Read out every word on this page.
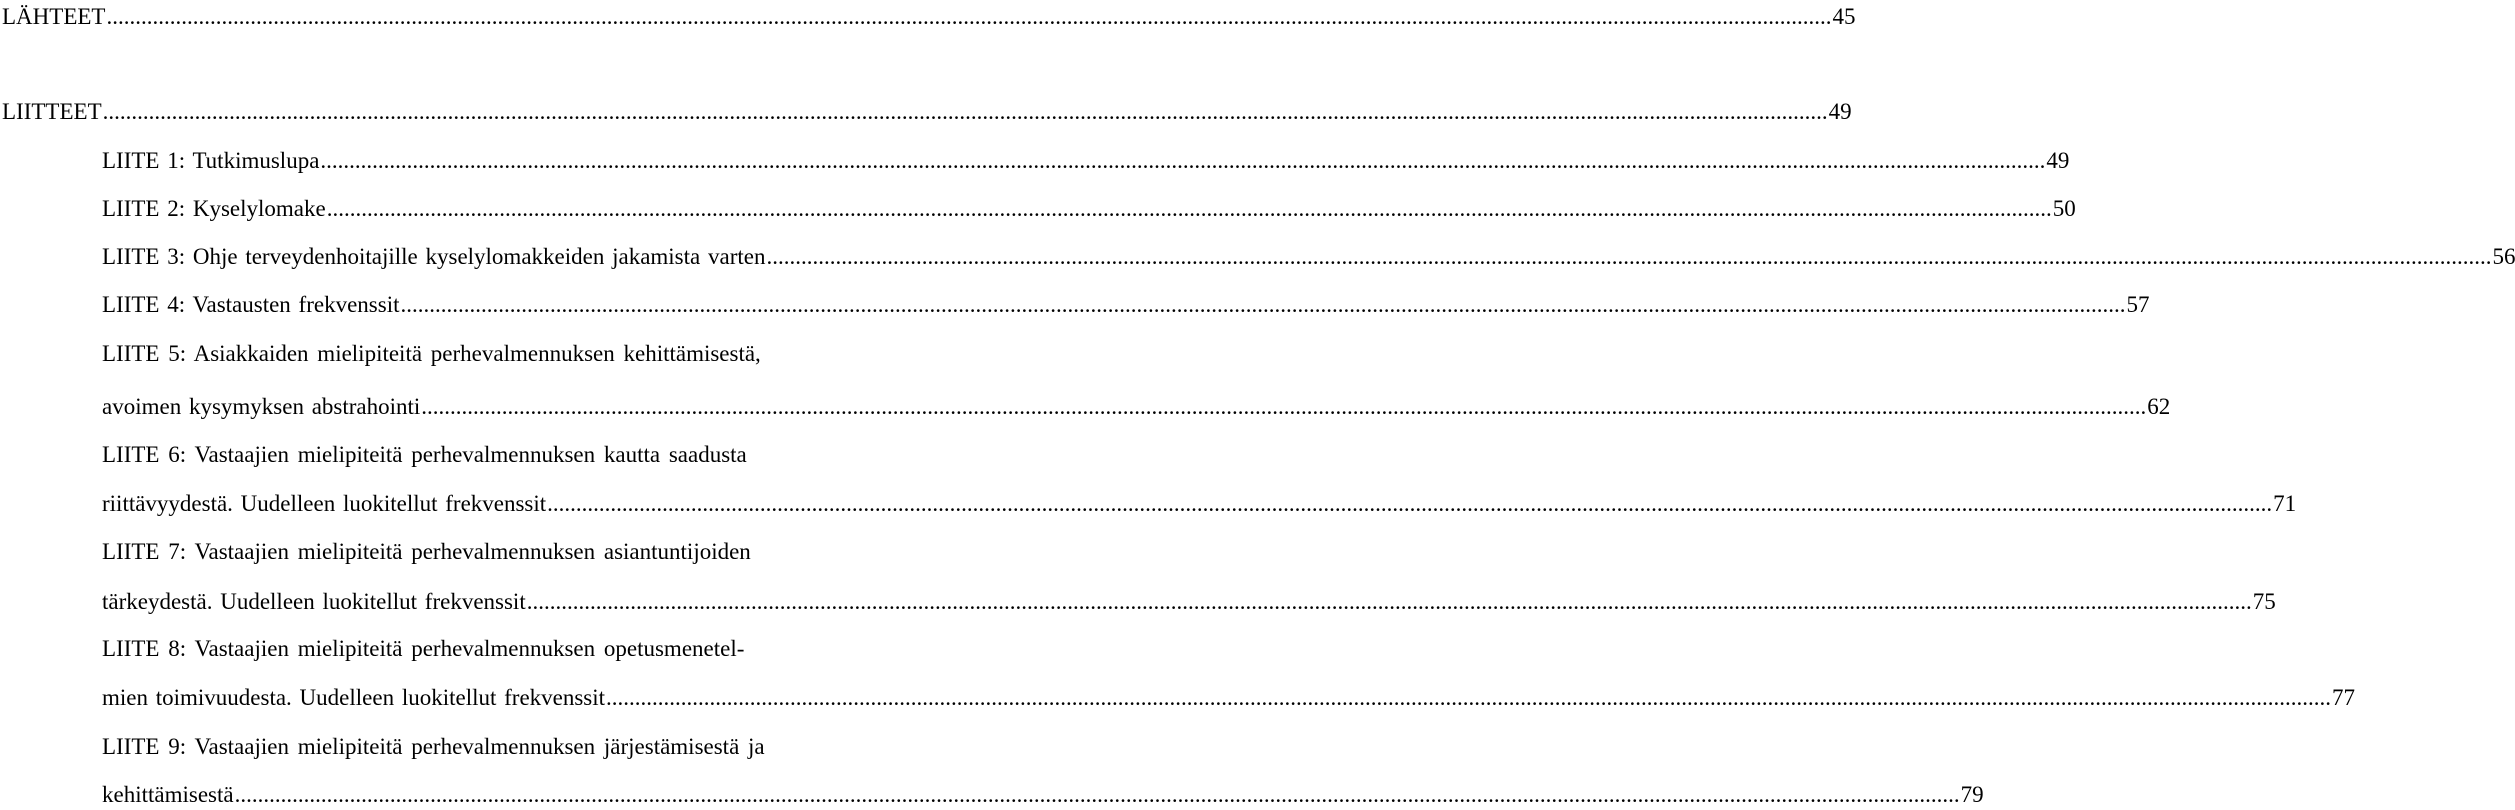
LÄHTEET ............................................................................................................................................................................................................................................................................................................ 45
LIITTEET ............................................................................................................................................................................................................................................................................................................ 49
LIITE 1: Tutkimuslupa ............................................................................................................................................................................................................................................................................................................ 49
LIITE 2: Kyselylomake ............................................................................................................................................................................................................................................................................................................ 50
LIITE 3: Ohje terveydenhoitajille kyselylomakkeiden jakamista varten ............................................................................................................................................................................................................................................................................................................ 56
LIITE 4: Vastausten frekvenssit ............................................................................................................................................................................................................................................................................................................ 57
LIITE 5: Asiakkaiden mielipiteitä perhevalmennuksen kehittämisestä,
avoimen kysymyksen abstrahointi ............................................................................................................................................................................................................................................................................................................ 62
LIITE 6: Vastaajien mielipiteitä perhevalmennuksen kautta saadusta
riittävyydestä. Uudelleen luokitellut frekvenssit ............................................................................................................................................................................................................................................................................................................ 71
LIITE 7: Vastaajien mielipiteitä perhevalmennuksen asiantuntijoiden
tärkeydestä. Uudelleen luokitellut frekvenssit ............................................................................................................................................................................................................................................................................................................ 75
LIITE 8: Vastaajien mielipiteitä perhevalmennuksen opetusmenetel-
mien toimivuudesta. Uudelleen luokitellut frekvenssit ............................................................................................................................................................................................................................................................................................................ 77
LIITE 9: Vastaajien mielipiteitä perhevalmennuksen järjestämisestä ja
kehittämisestä ............................................................................................................................................................................................................................................................................................................ 79
